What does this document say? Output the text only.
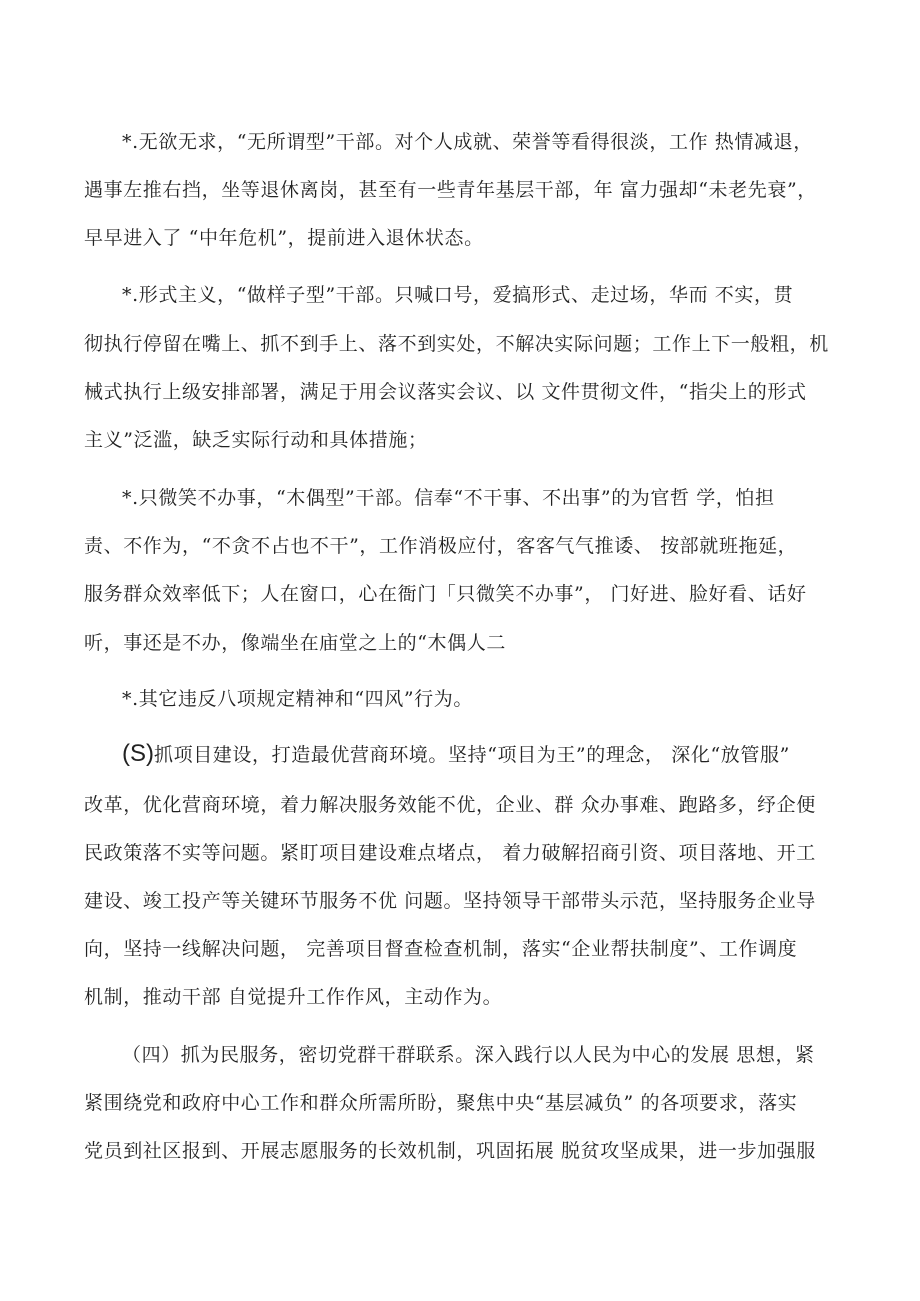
*.无欲无求，“无所谓型”干部。对个人成就、荣誉等看得很淡，工作 热情减退，
遇事左推右挡，坐等退休离岗，甚至有一些青年基层干部，年 富力强却“未老先衰”，
早早进入了 “中年危机”，提前进入退休状态。
*.形式主义，“做样子型”干部。只喊口号，爱搞形式、走过场，华而 不实，贯
彻执行停留在嘴上、抓不到手上、落不到实处，不解决实际问题；工作上下一般粗，机
械式执行上级安排部署，满足于用会议落实会议、以 文件贯彻文件，“指尖上的形式
主义”泛滥，缺乏实际行动和具体措施；
*.只微笑不办事，“木偶型”干部。信奉“不干事、不出事”的为官哲 学，怕担
责、不作为，“不贪不占也不干”，工作消极应付，客客气气推诿、 按部就班拖延，
服务群众效率低下；人在窗口，心在衙门「只微笑不办事”， 门好进、脸好看、话好
听，事还是不办，像端坐在庙堂之上的“木偶人二
*.其它违反八项规定精神和“四风”行为。
(S)抓项目建设，打造最优营商环境。坚持“项目为王”的理念， 深化“放管服”
改革，优化营商环境，着力解决服务效能不优，企业、群 众办事难、跑路多，纾企便
民政策落不实等问题。紧盯项目建设难点堵点， 着力破解招商引资、项目落地、开工
建设、竣工投产等关键环节服务不优 问题。坚持领导干部带头示范，坚持服务企业导
向，坚持一线解决问题， 完善项目督查检查机制，落实“企业帮扶制度”、工作调度
机制，推动干部 自觉提升工作作风，主动作为。
（四）抓为民服务，密切党群干群联系。深入践行以人民为中心的发展 思想，紧
紧围绕党和政府中心工作和群众所需所盼，聚焦中央“基层减负” 的各项要求，落实
党员到社区报到、开展志愿服务的长效机制，巩固拓展 脱贫攻坚成果，进一步加强服
